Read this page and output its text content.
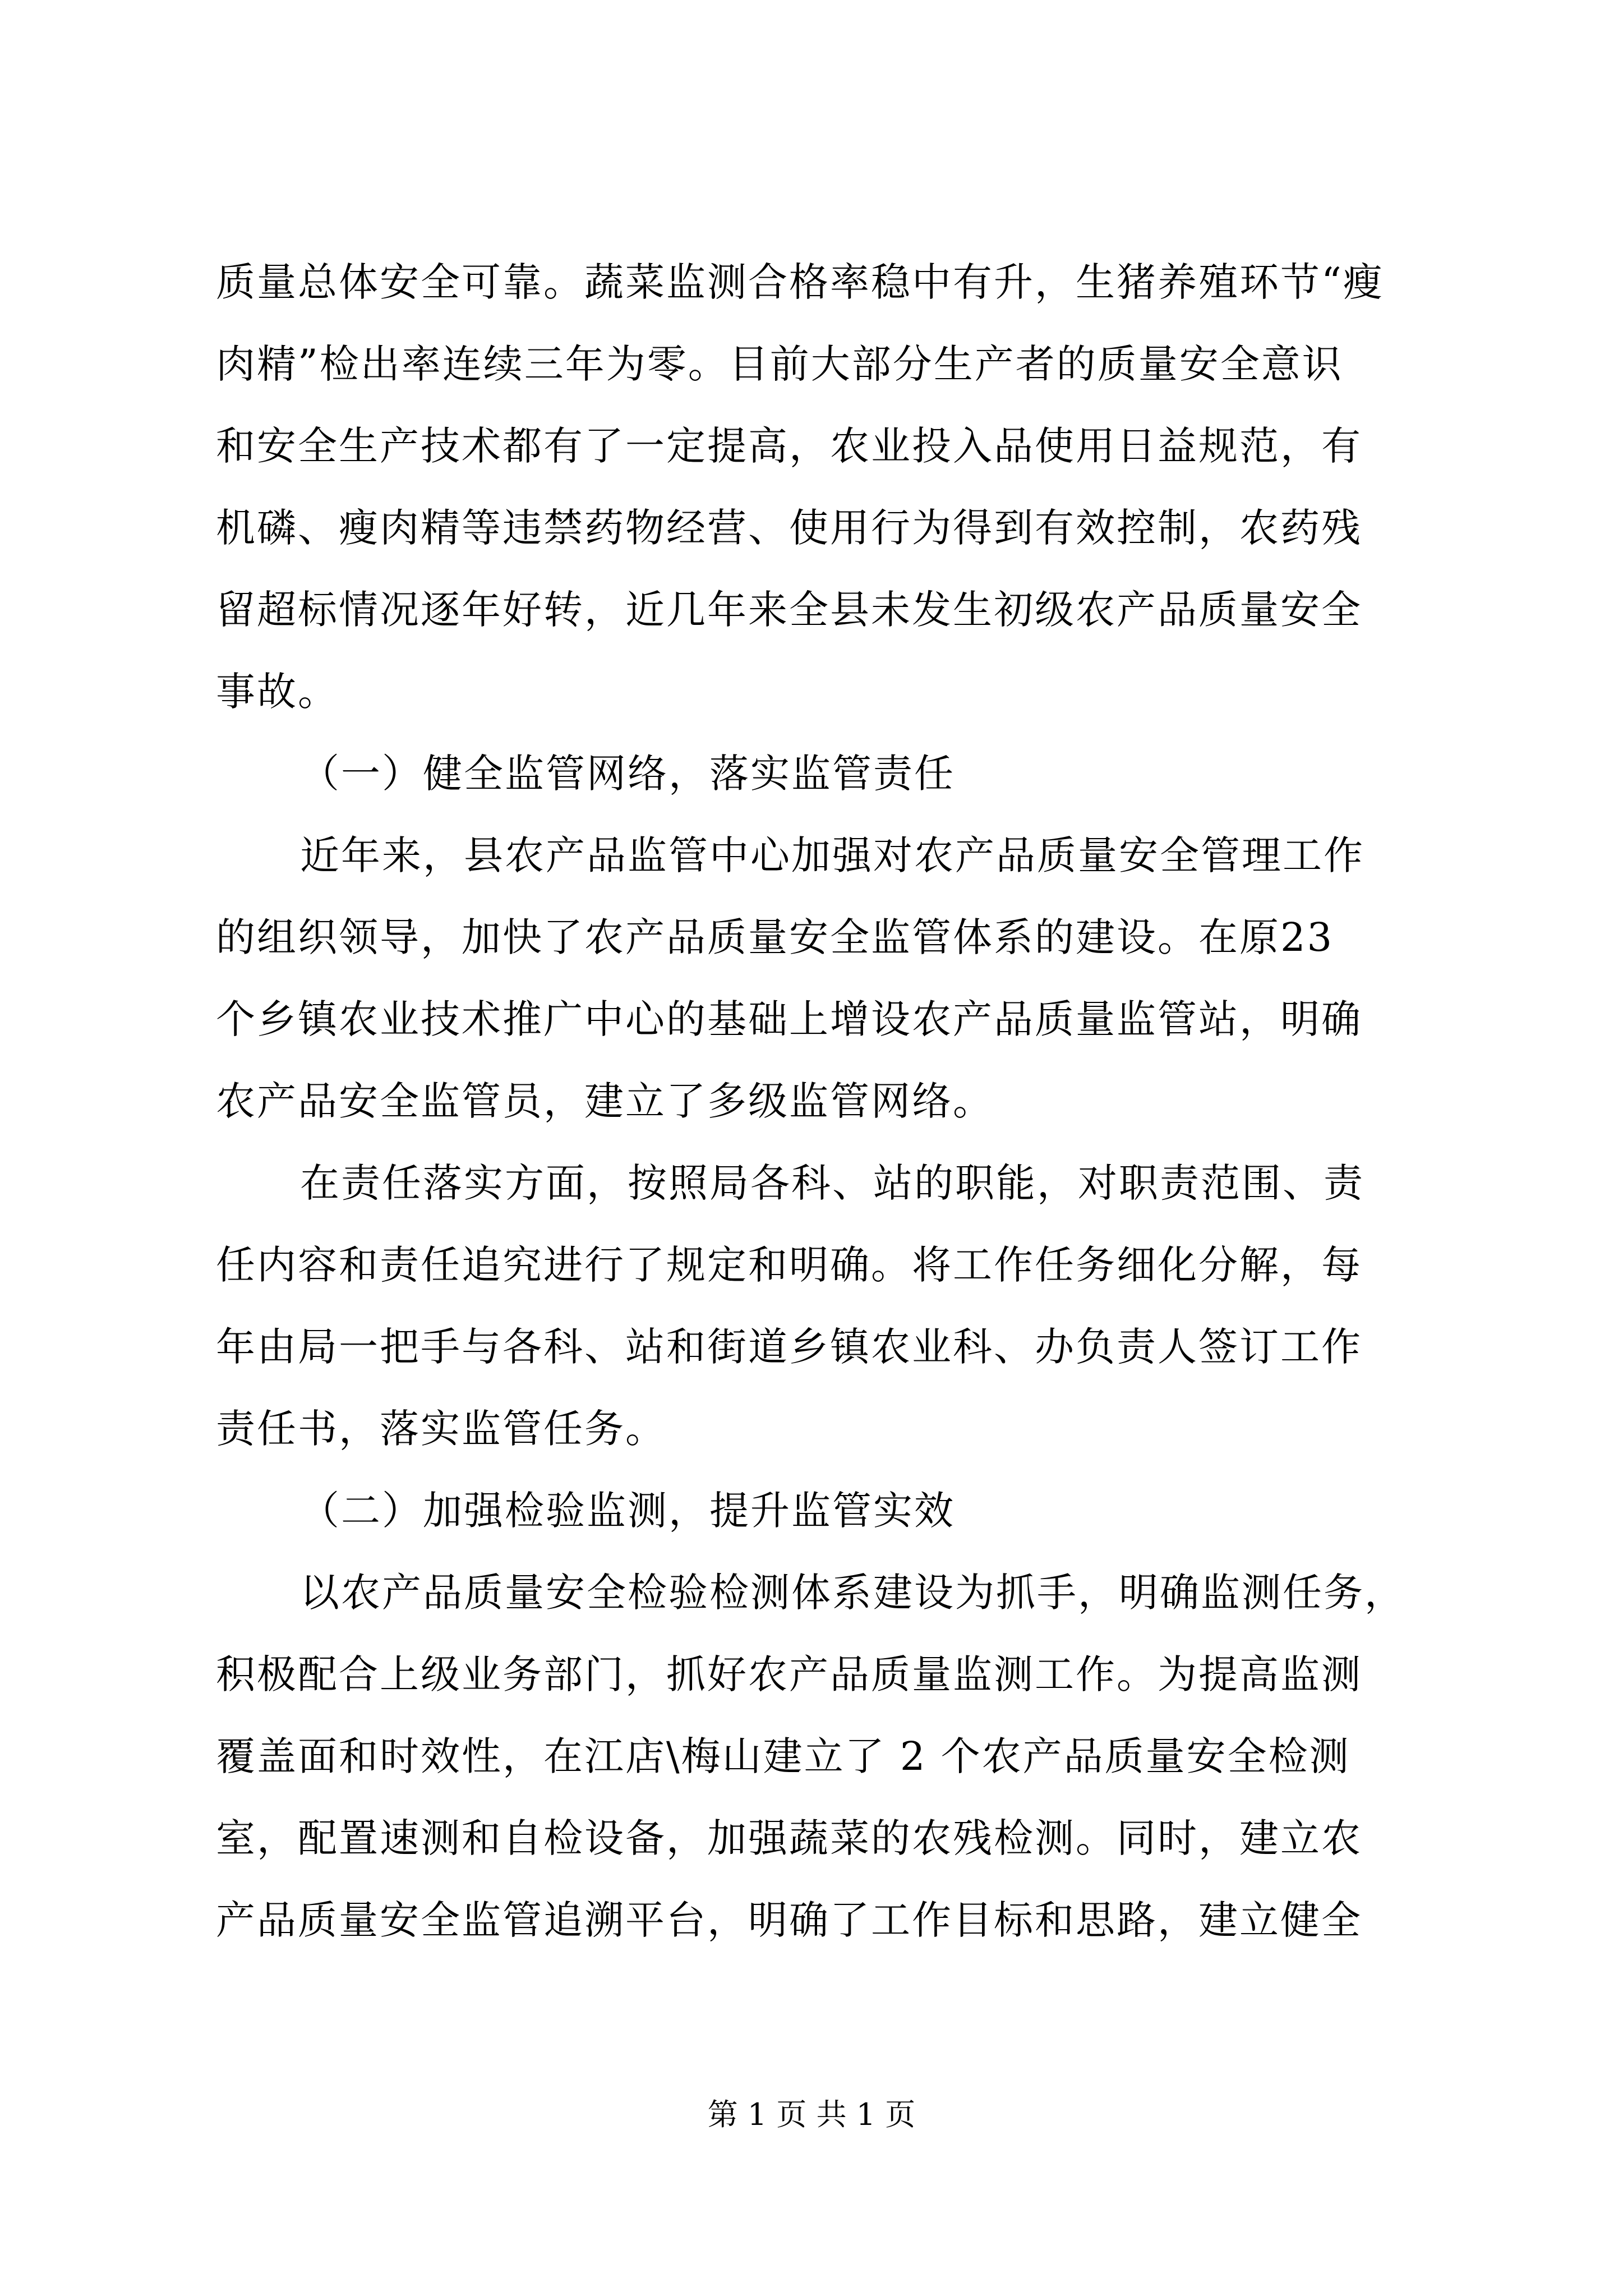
质量总体安全可靠。蔬菜监测合格率稳中有升，生猪养殖环节“瘦
肉精”检出率连续三年为零。目前大部分生产者的质量安全意识
和安全生产技术都有了一定提高，农业投入品使用日益规范，有
机磷、瘦肉精等违禁药物经营、使用行为得到有效控制，农药残
留超标情况逐年好转，近几年来全县未发生初级农产品质量安全
事故。
（一）健全监管网络，落实监管责任
近年来，县农产品监管中心加强对农产品质量安全管理工作
的组织领导，加快了农产品质量安全监管体系的建设。在原23
个乡镇农业技术推广中心的基础上增设农产品质量监管站，明确
农产品安全监管员，建立了多级监管网络。
在责任落实方面，按照局各科、站的职能，对职责范围、责
任内容和责任追究进行了规定和明确。将工作任务细化分解，每
年由局一把手与各科、站和街道乡镇农业科、办负责人签订工作
责任书，落实监管任务。
（二）加强检验监测，提升监管实效
以农产品质量安全检验检测体系建设为抓手，明确监测任务，
积极配合上级业务部门，抓好农产品质量监测工作。为提高监测
覆盖面和时效性，在江店\梅山建立了 2 个农产品质量安全检测
室，配置速测和自检设备，加强蔬菜的农残检测。同时，建立农
产品质量安全监管追溯平台，明确了工作目标和思路，建立健全
第 1 页 共 1 页
